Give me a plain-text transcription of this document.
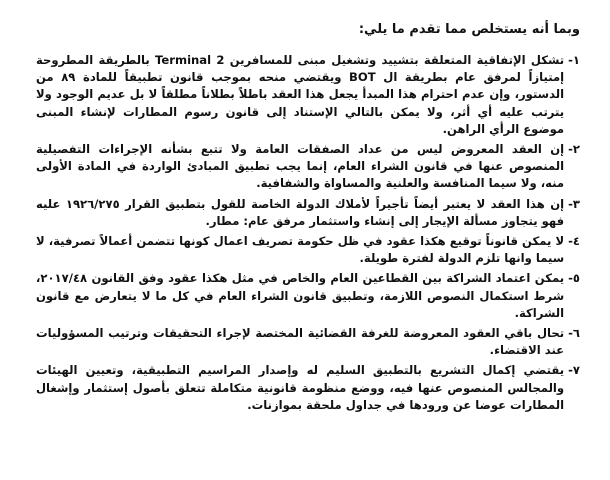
وبما أنه يستخلص مما تقدم ما يلي:
١-
تشكل الإتفاقية المتعلقة بتشييد وتشغيل مبنى للمسافرين Terminal 2 بالطريقة المطروحة إمتيازاً لمرفق عام بطريقة ال BOT ويقتضي منحه بموجب قانون تطبيقاً للمادة ٨٩ من الدستور، وإن عدم احترام هذا المبدأ يجعل هذا العقد باطلاً بطلاناً مطلقاً لا بل عديم الوجود ولا يترتب عليه أي أثر، ولا يمكن بالتالي الإستناد إلى قانون رسوم المطارات لإنشاء المبنى موضوع الرأي الراهن.
٢-
إن العقد المعروض ليس من عداد الصفقات العامة ولا تتبع بشأنه الإجراءات التفصيلية المنصوص عنها في قانون الشراء العام، إنما يجب تطبيق المبادئ الواردة في المادة الأولى منه، ولا سيما المنافسة والعلنية والمساواة والشفافية.
٣-
إن هذا العقد لا يعتبر أيضاً تأجيراً لأملاك الدولة الخاصة للقول بتطبيق القرار ١٩٢٦/٢٧٥ عليه فهو يتجاوز مسألة الإيجار إلى إنشاء واستثمار مرفق عام: مطار.
٤-
لا يمكن قانوناً توقيع هكذا عقود في ظل حكومة تصريف اعمال كونها تتضمن أعمالاً تصرفية، لا سيما وانها تلزم الدولة لفترة طويلة.
٥-
يمكن اعتماد الشراكة بين القطاعين العام والخاص في مثل هكذا عقود وفق القانون ٢٠١٧/٤٨، شرط استكمال النصوص اللازمة، وتطبيق قانون الشراء العام في كل ما لا يتعارض مع قانون الشراكة.
٦-
تحال باقي العقود المعروضة للغرفة القضائية المختصة لإجراء التحقيقات وترتيب المسؤوليات عند الاقتضاء.
٧-
يقتضي إكمال التشريع بالتطبيق السليم له وإصدار المراسيم التطبيقية، وتعيين الهيئات والمجالس المنصوص عنها فيه، ووضع منظومة قانونية متكاملة تتعلق بأصول إستثمار وإشغال المطارات عوضا عن ورودها في جداول ملحقة بموازنات.
